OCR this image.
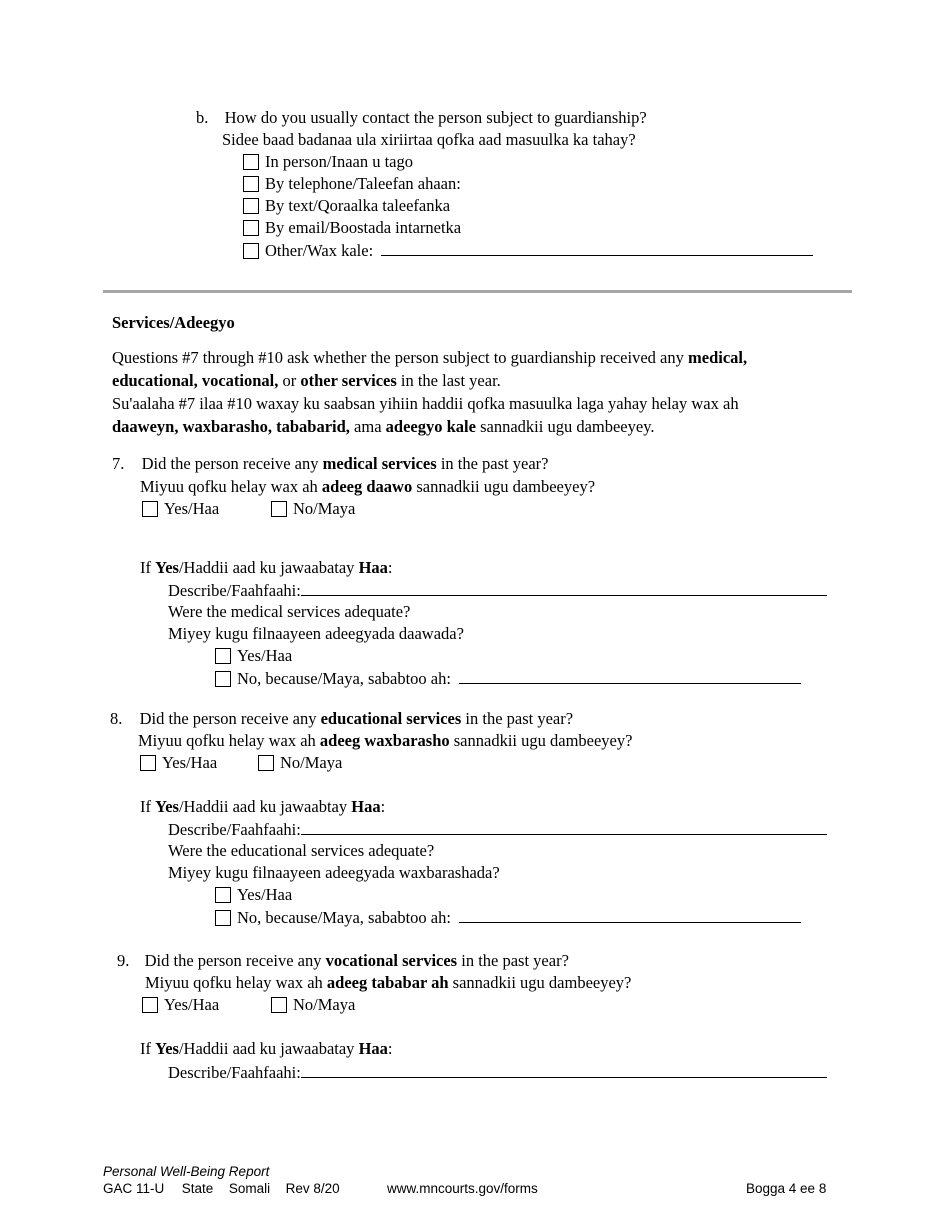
b. How do you usually contact the person subject to guardianship?
Sidee baad badanaa ula xiriirtaa qofka aad masuulka ka tahay?
In person/Inaan u tago
By telephone/Taleefan ahaan:
By text/Qoraalka taleefanka
By email/Boostada intarnetka
Other/Wax kale:
Services/Adeegyo
Questions #7 through #10 ask whether the person subject to guardianship received any medical,
educational, vocational, or other services in the last year.
Su'aalaha #7 ilaa #10 waxay ku saabsan yihiin haddii qofka masuulka laga yahay helay wax ah
daaweyn, waxbarasho, tababarid, ama adeegyo kale sannadkii ugu dambeeyey.
7. Did the person receive any medical services in the past year?
Miyuu qofku helay wax ah adeeg daawo sannadkii ugu dambeeyey?
Yes/Haa	No/Maya
If Yes/Haddii aad ku jawaabatay Haa:
Describe/Faahfaahi:
Were the medical services adequate?
Miyey kugu filnaayeen adeegyada daawada?
Yes/Haa
No, because/Maya, sababtoo ah:
8. Did the person receive any educational services in the past year?
Miyuu qofku helay wax ah adeeg waxbarasho sannadkii ugu dambeeyey?
Yes/Haa	No/Maya
If Yes/Haddii aad ku jawaabtay Haa:
Describe/Faahfaahi:
Were the educational services adequate?
Miyey kugu filnaayeen adeegyada waxbarashada?
Yes/Haa
No, because/Maya, sababtoo ah:
9. Did the person receive any vocational services in the past year?
Miyuu qofku helay wax ah adeeg tababar ah sannadkii ugu dambeeyey?
Yes/Haa	No/Maya
If Yes/Haddii aad ku jawaabatay Haa:
Describe/Faahfaahi:
Personal Well-Being Report
GAC 11-U State Somali Rev 8/20	www.mncourts.gov/forms	Bogga 4 ee 8
